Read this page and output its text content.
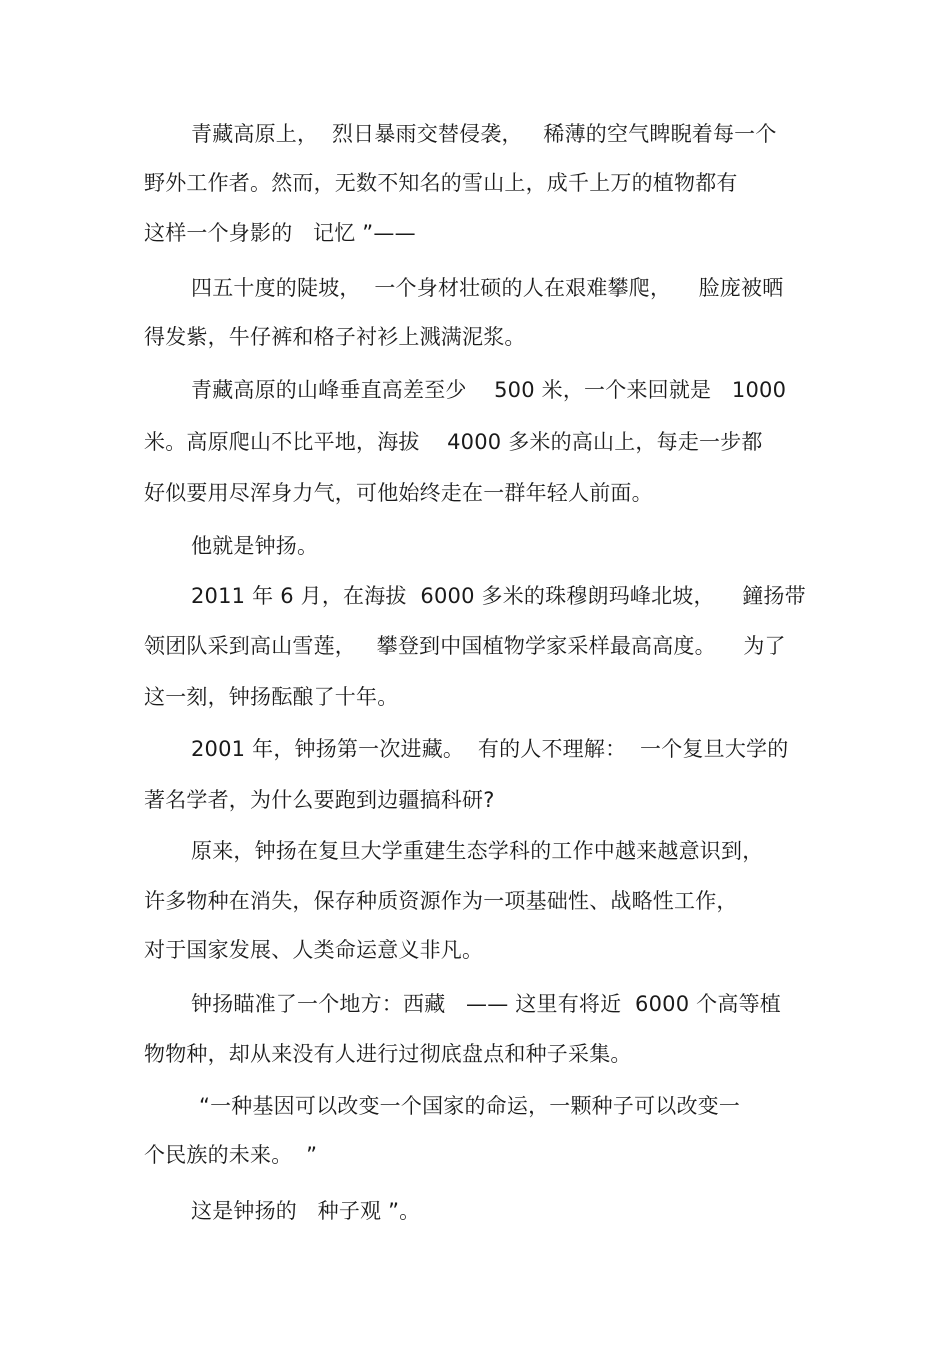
青藏高原上，  烈日暴雨交替侵袭，   稀薄的空气睥睨着每一个
野外工作者。然而，无数不知名的雪山上，成千上万的植物都有
这样一个身影的   记忆 ”——
四五十度的陡坡，  一个身材壮硕的人在艰难攀爬，    脸庞被晒
得发紫，牛仔裤和格子衬衫上溅满泥浆。
青藏高原的山峰垂直高差至少    500 米，一个来回就是   1000
米。高原爬山不比平地，海拔    4000 多米的高山上，每走一步都
好似要用尽浑身力气，可他始终走在一群年轻人前面。
他就是钟扬。
2011 年 6 月，在海拔  6000 多米的珠穆朗玛峰北坡，    鐘扬带
领团队采到高山雪莲，   攀登到中国植物学家采样最高高度。    为了
这一刻，钟扬酝酿了十年。
2001 年，钟扬第一次进藏。  有的人不理解：  一个复旦大学的
著名学者，为什么要跑到边疆搞科研?
原来，钟扬在复旦大学重建生态学科的工作中越来越意识到，
许多物种在消失，保存种质资源作为一项基础性、战略性工作，
对于国家发展、人类命运意义非凡。
钟扬瞄准了一个地方：西藏   —— 这里有将近  6000 个高等植
物物种，却从来没有人进行过彻底盘点和种子采集。
“一种基因可以改变一个国家的命运，一颗种子可以改变一
个民族的未来。  ”
这是钟扬的   种子观 ”。
